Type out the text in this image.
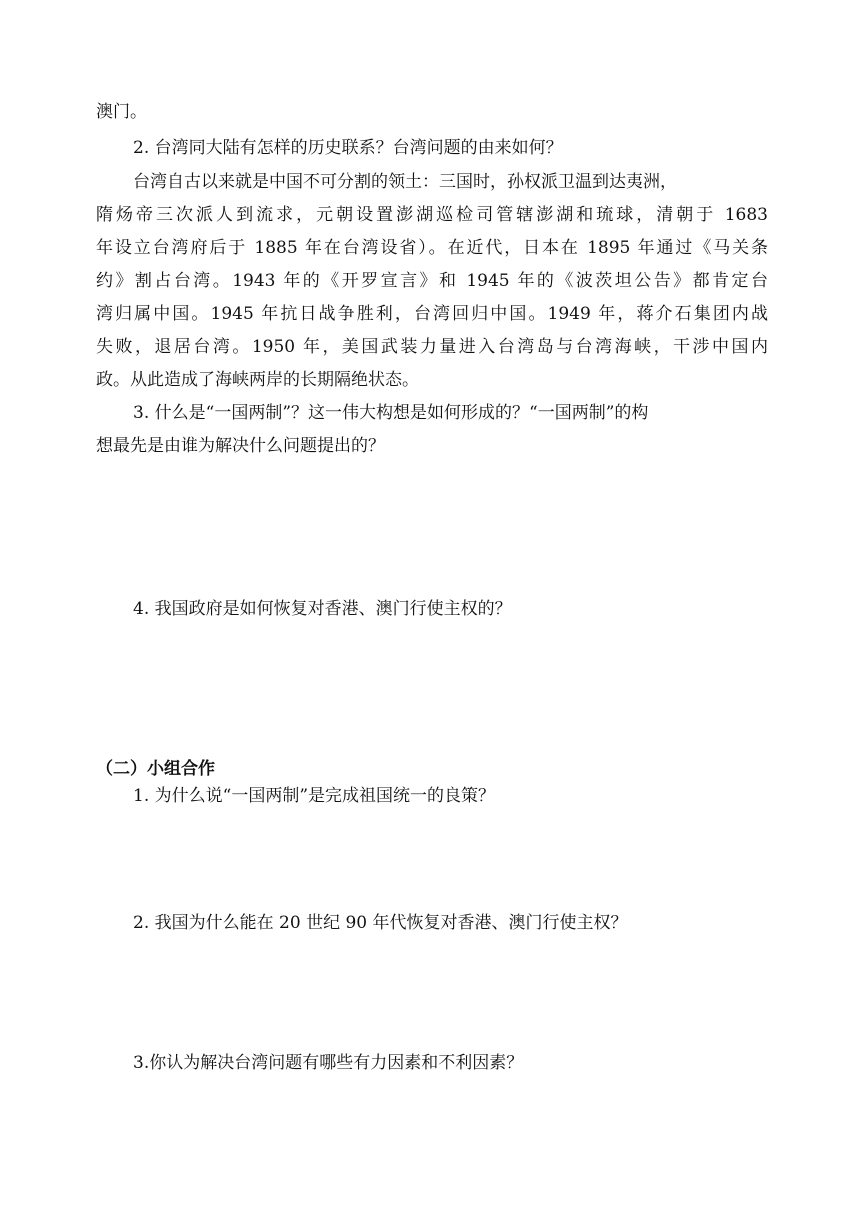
澳门。
2. 台湾同大陆有怎样的历史联系？台湾问题的由来如何？
台湾自古以来就是中国不可分割的领土：三国时，孙权派卫温到达夷洲，
隋炀帝三次派人到流求，元朝设置澎湖巡检司管辖澎湖和琉球，清朝于 1683
年设立台湾府后于 1885 年在台湾设省）。在近代，日本在 1895 年通过《马关条
约》割占台湾。1943 年的《开罗宣言》和 1945 年的《波茨坦公告》都肯定台
湾归属中国。1945 年抗日战争胜利，台湾回归中国。1949 年，蒋介石集团内战
失败，退居台湾。1950 年，美国武装力量进入台湾岛与台湾海峡，干涉中国内
政。从此造成了海峡两岸的长期隔绝状态。
3. 什么是“一国两制”？这一伟大构想是如何形成的？“一国两制”的构
想最先是由谁为解决什么问题提出的？
4. 我国政府是如何恢复对香港、澳门行使主权的？
（二）小组合作
1. 为什么说“一国两制”是完成祖国统一的良策？
2. 我国为什么能在 20 世纪 90 年代恢复对香港、澳门行使主权？
3.你认为解决台湾问题有哪些有力因素和不利因素？
